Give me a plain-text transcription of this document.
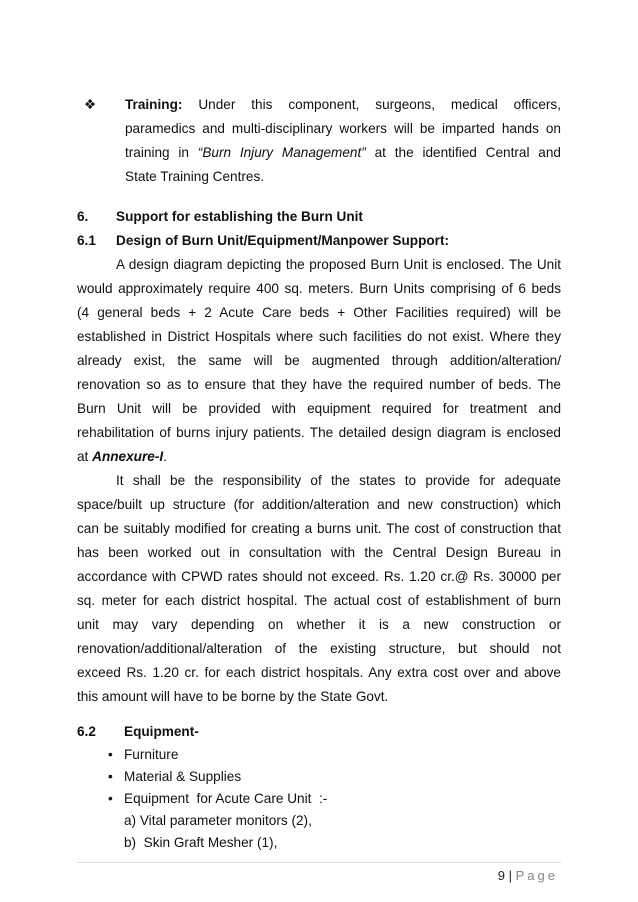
❖ Training: Under this component, surgeons, medical officers,
paramedics and multi-disciplinary workers will be imparted hands on
training in “Burn Injury Management” at the identified Central and
State Training Centres.
6. Support for establishing the Burn Unit
6.1 Design of Burn Unit/Equipment/Manpower Support:
A design diagram depicting the proposed Burn Unit is enclosed. The Unit
would approximately require 400 sq. meters. Burn Units comprising of 6 beds
(4 general beds + 2 Acute Care beds + Other Facilities required) will be
established in District Hospitals where such facilities do not exist. Where they
already exist, the same will be augmented through addition/alteration/
renovation so as to ensure that they have the required number of beds. The
Burn Unit will be provided with equipment required for treatment and
rehabilitation of burns injury patients. The detailed design diagram is enclosed
at Annexure-I.
It shall be the responsibility of the states to provide for adequate
space/built up structure (for addition/alteration and new construction) which
can be suitably modified for creating a burns unit. The cost of construction that
has been worked out in consultation with the Central Design Bureau in
accordance with CPWD rates should not exceed. Rs. 1.20 cr.@ Rs. 30000 per
sq. meter for each district hospital. The actual cost of establishment of burn
unit may vary depending on whether it is a new construction or
renovation/additional/alteration of the existing structure, but should not
exceed Rs. 1.20 cr. for each district hospitals. Any extra cost over and above
this amount will have to be borne by the State Govt.
6.2 Equipment-
• Furniture
• Material & Supplies
• Equipment  for Acute Care Unit  :-
a) Vital parameter monitors (2),
b)  Skin Graft Mesher (1),
9 | Page
